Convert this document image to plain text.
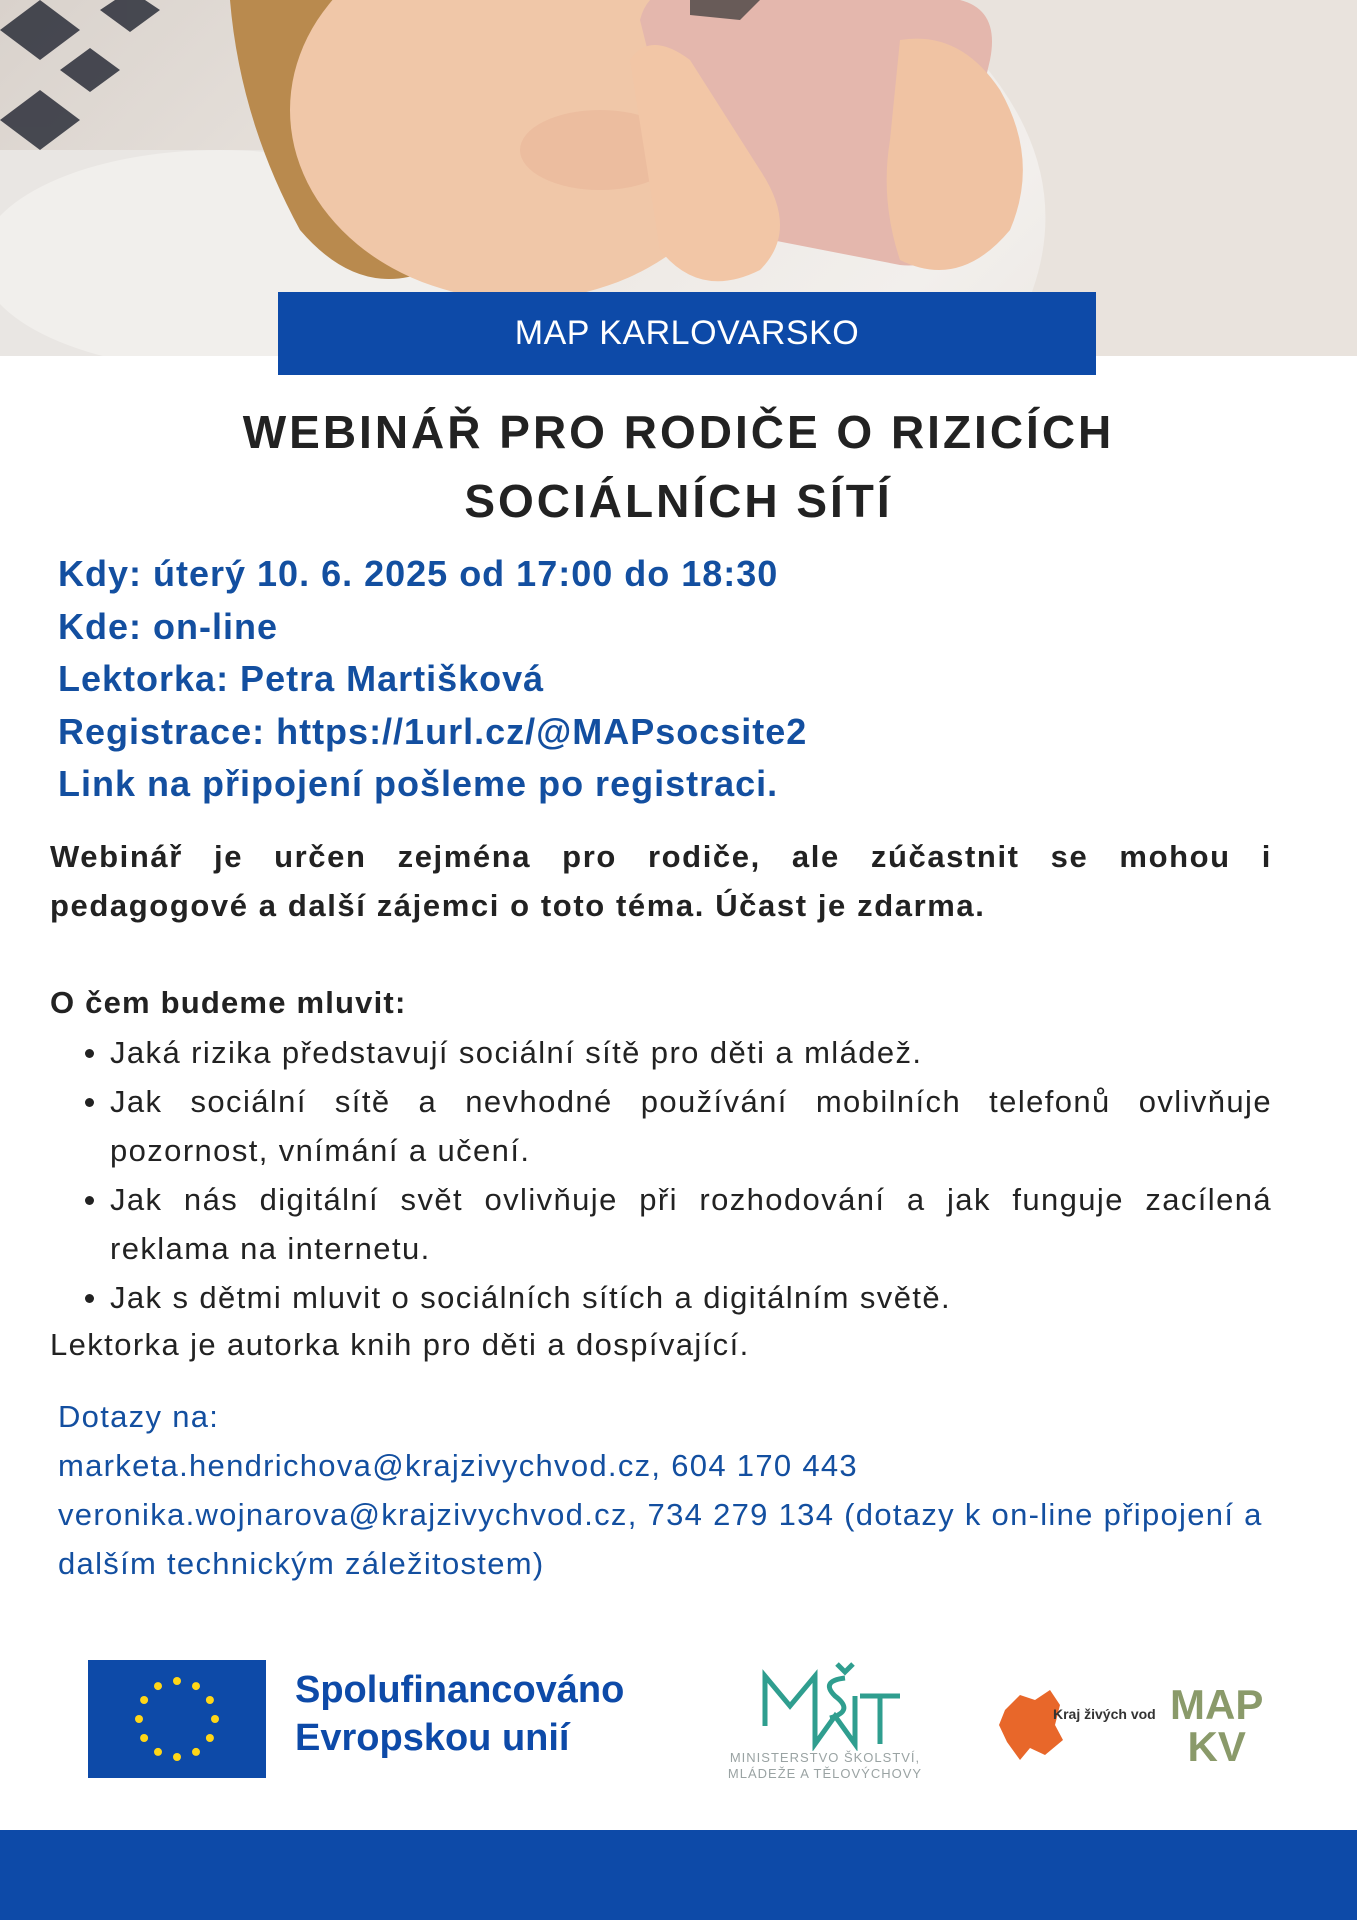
MAP KARLOVARSKO
WEBINÁŘ PRO RODIČE O RIZICÍCH
SOCIÁLNÍCH SÍTÍ
Kdy: úterý 10. 6. 2025 od 17:00 do 18:30
Kde: on-line
Lektorka: Petra Martišková
Registrace: https://1url.cz/@MAPsocsite2
Link na připojení pošleme po registraci.
Webinář je určen zejména pro rodiče, ale zúčastnit se mohou i pedagogové a další zájemci o toto téma. Účast je zdarma.
O čem budeme mluvit:
Jaká rizika představují sociální sítě pro děti a mládež.
Jak sociální sítě a nevhodné používání mobilních telefonů ovlivňuje pozornost, vnímání a učení.
Jak nás digitální svět ovlivňuje při rozhodování a jak funguje zacílená reklama na internetu.
Jak s dětmi mluvit o sociálních sítích a digitálním světě.
Lektorka je autorka knih pro děti a dospívající.
Dotazy na:
marketa.hendrichova@krajzivychvod.cz, 604 170 443
veronika.wojnarova@krajzivychvod.cz, 734 279 134 (dotazy k on-line připojení a dalším technickým záležitostem)
Spolufinancováno
Evropskou unií	MINISTERSTVO ŠKOLSTVÍ,
MLÁDEŽE A TĚLOVÝCHOVY
Kraj živých vod MAP
KV
